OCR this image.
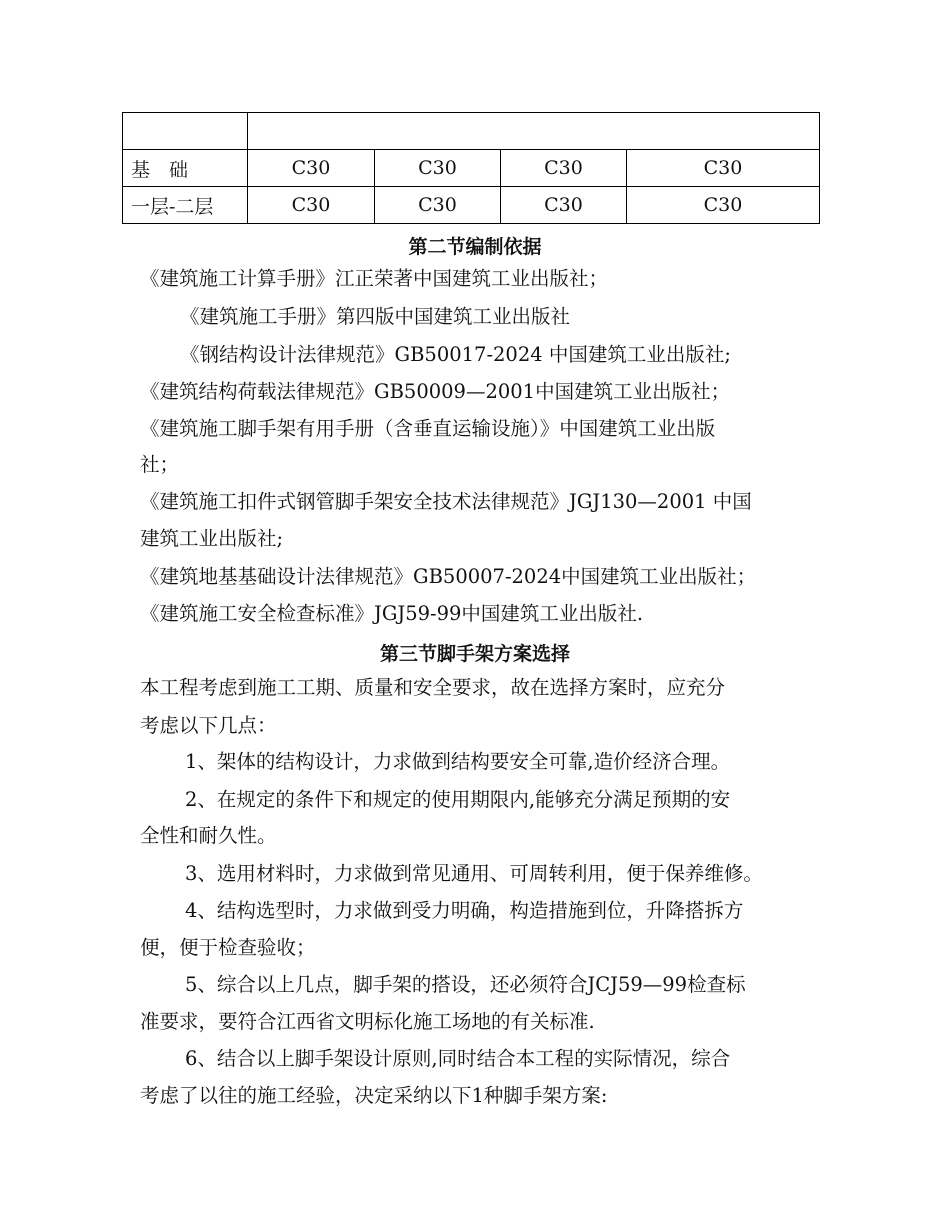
基　础	C30	C30	C30	C30
一层-二层	C30	C30	C30	C30
第二节编制依据
《建筑施工计算手册》江正荣著中国建筑工业出版社；
《建筑施工手册》第四版中国建筑工业出版社
《钢结构设计法律规范》GB50017-2024 中国建筑工业出版社;
《建筑结构荷载法律规范》GB50009—2001中国建筑工业出版社；
《建筑施工脚手架有用手册（含垂直运输设施）》中国建筑工业出版
社；
《建筑施工扣件式钢管脚手架安全技术法律规范》JGJ130—2001 中国
建筑工业出版社;
《建筑地基基础设计法律规范》GB50007-2024中国建筑工业出版社；
《建筑施工安全检查标准》JGJ59-99中国建筑工业出版社.
第三节脚手架方案选择
本工程考虑到施工工期、质量和安全要求，故在选择方案时，应充分
考虑以下几点：
1、架体的结构设计，力求做到结构要安全可靠,造价经济合理。
2、在规定的条件下和规定的使用期限内,能够充分满足预期的安
全性和耐久性。
3、选用材料时，力求做到常见通用、可周转利用，便于保养维修。
4、结构选型时，力求做到受力明确，构造措施到位，升降搭拆方
便，便于检查验收；
5、综合以上几点，脚手架的搭设，还必须符合JCJ59—99检查标
准要求，要符合江西省文明标化施工场地的有关标准.
6、结合以上脚手架设计原则,同时结合本工程的实际情况，综合
考虑了以往的施工经验，决定采纳以下1种脚手架方案:
